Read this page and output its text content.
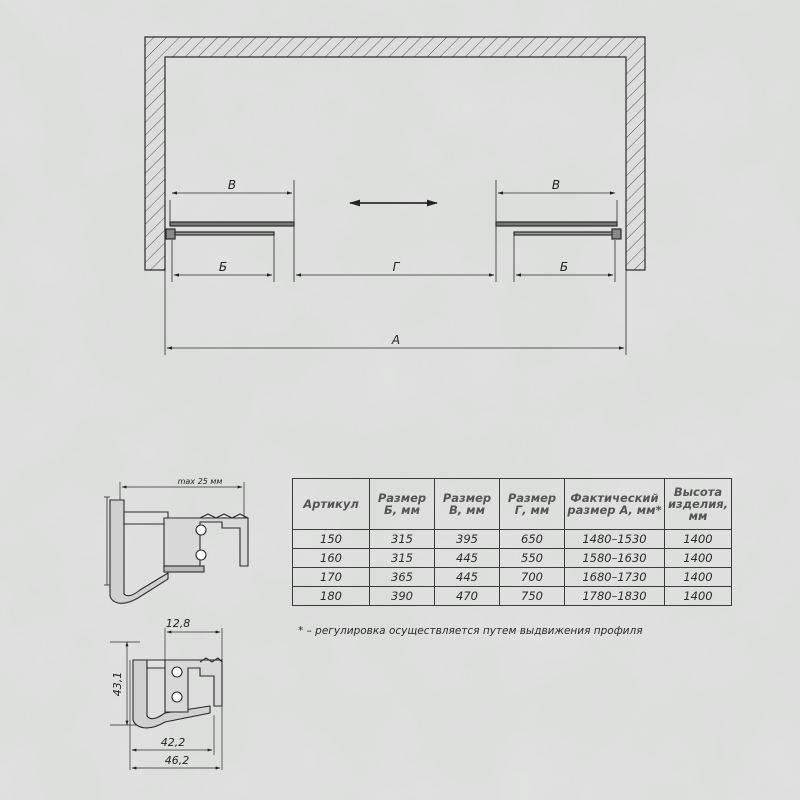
В	В
Б	Г	Б
А
max 25 мм
12,8
43,1
42,2
46,2
Артикул	Размер Б, мм	Размер В, мм	Размер Г, мм	Фактический размер А, мм*	Высота изделия, мм
150	315	395	650	1480–1530	1400
160	315	445	550	1580–1630	1400
170	365	445	700	1680–1730	1400
180	390	470	750	1780–1830	1400
* – регулировка осуществляется путем выдвижения профиля
